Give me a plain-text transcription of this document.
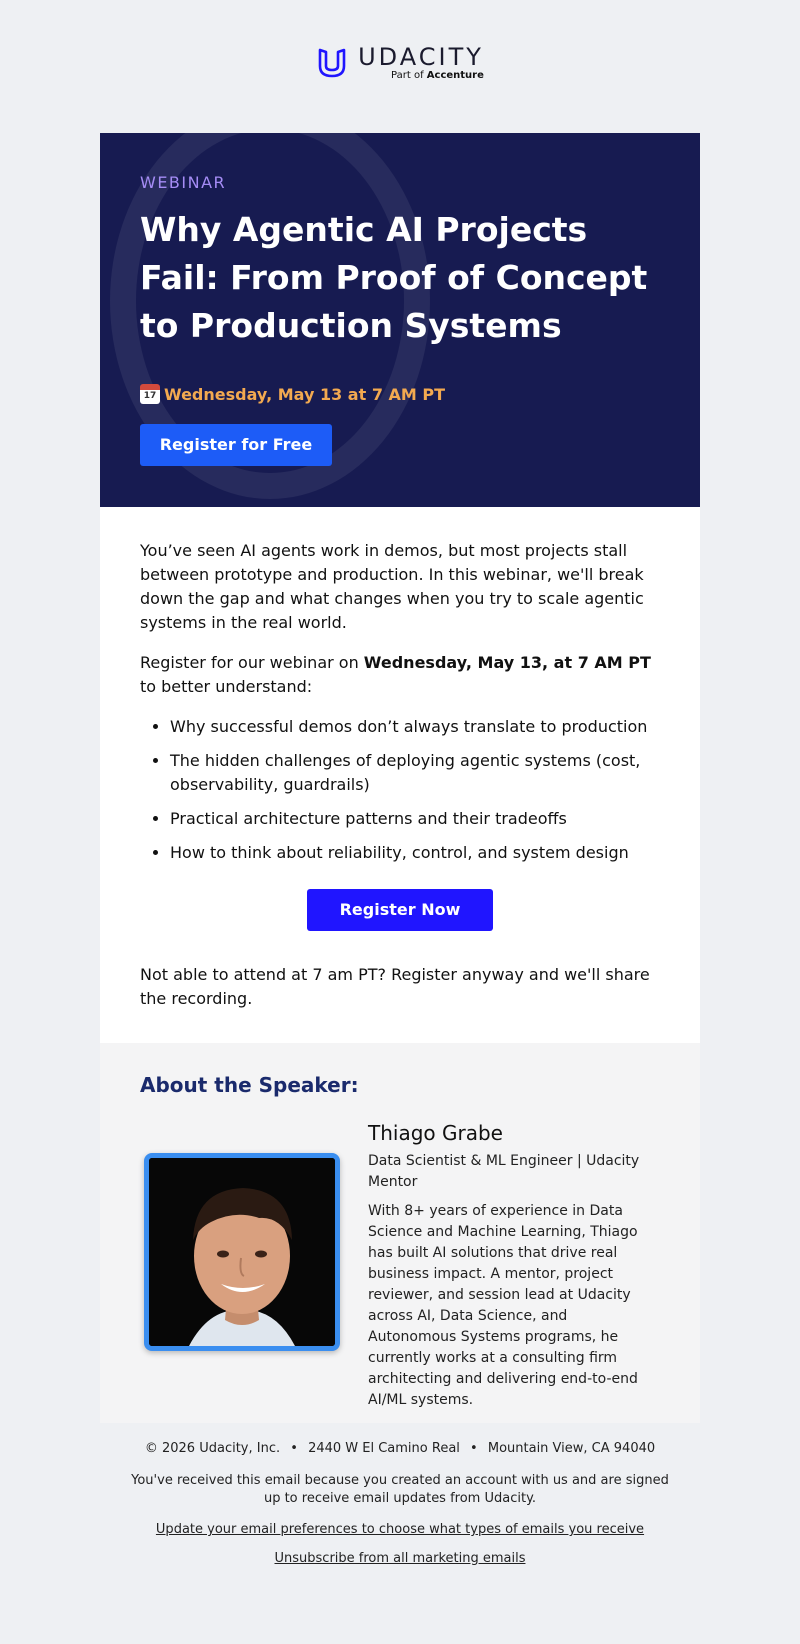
UDACITY
Part of Accenture
WEBINAR
Why Agentic AI Projects Fail: From Proof of Concept to Production Systems
17
Wednesday, May 13 at 7 AM PT
Register for Free

You’ve seen AI agents work in demos, but most projects stall between prototype and production. In this webinar, we'll break down the gap and what changes when you try to scale agentic systems in the real world.

Register for our webinar on Wednesday, May 13, at 7 AM PT to better understand:

• Why successful demos don’t always translate to production
• The hidden challenges of deploying agentic systems (cost, observability, guardrails)
• Practical architecture patterns and their tradeoffs
• How to think about reliability, control, and system design
Register Now

Not able to attend at 7 am PT? Register anyway and we'll share the recording.

About the Speaker:
Thiago Grabe
Data Scientist & ML Engineer | Udacity Mentor
With 8+ years of experience in Data Science and Machine Learning, Thiago has built AI solutions that drive real business impact. A mentor, project reviewer, and session lead at Udacity across AI, Data Science, and Autonomous Systems programs, he currently works at a consulting firm architecting and delivering end-to-end AI/ML systems.
© 2026 Udacity, Inc. • 2440 W El Camino Real • Mountain View, CA 94040
You've received this email because you created an account with us and are signed up to receive email updates from Udacity.
Update your email preferences to choose what types of emails you receive
Unsubscribe from all marketing emails
